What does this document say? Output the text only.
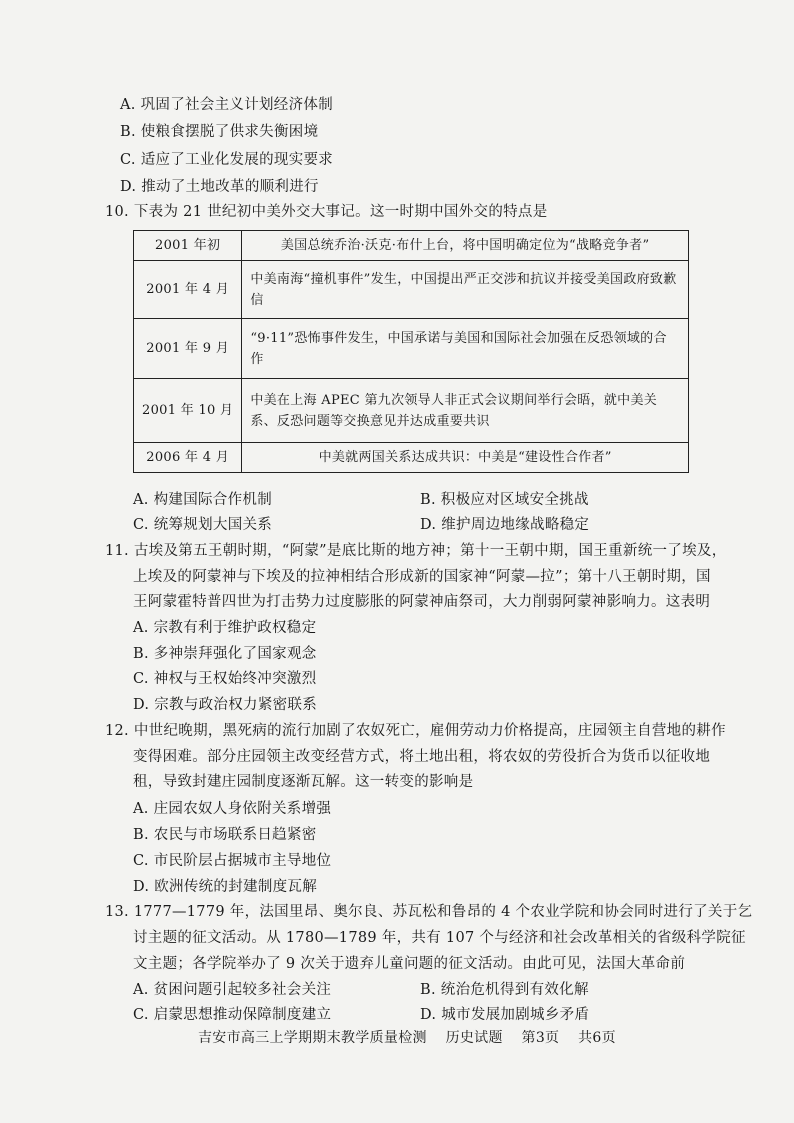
A. 巩固了社会主义计划经济体制
B. 使粮食摆脱了供求失衡困境
C. 适应了工业化发展的现实要求
D. 推动了土地改革的顺利进行
10. 下表为 21 世纪初中美外交大事记。这一时期中国外交的特点是
2001 年初	美国总统乔治·沃克·布什上台，将中国明确定位为“战略竞争者”
2001 年 4 月	中美南海“撞机事件”发生，中国提出严正交涉和抗议并接受美国政府致歉信
2001 年 9 月	“9·11”恐怖事件发生，中国承诺与美国和国际社会加强在反恐领域的合作
2001 年 10 月	中美在上海 APEC 第九次领导人非正式会议期间举行会晤，就中美关系、反恐问题等交换意见并达成重要共识
2006 年 4 月	中美就两国关系达成共识：中美是“建设性合作者”
A. 构建国际合作机制	B. 积极应对区域安全挑战
C. 统筹规划大国关系	D. 维护周边地缘战略稳定
11. 古埃及第五王朝时期，“阿蒙”是底比斯的地方神；第十一王朝中期，国王重新统一了埃及，
上埃及的阿蒙神与下埃及的拉神相结合形成新的国家神“阿蒙—拉”；第十八王朝时期，国
王阿蒙霍特普四世为打击势力过度膨胀的阿蒙神庙祭司，大力削弱阿蒙神影响力。这表明
A. 宗教有利于维护政权稳定
B. 多神崇拜强化了国家观念
C. 神权与王权始终冲突激烈
D. 宗教与政治权力紧密联系
12. 中世纪晚期，黑死病的流行加剧了农奴死亡，雇佣劳动力价格提高，庄园领主自营地的耕作
变得困难。部分庄园领主改变经营方式，将土地出租，将农奴的劳役折合为货币以征收地
租，导致封建庄园制度逐渐瓦解。这一转变的影响是
A. 庄园农奴人身依附关系增强
B. 农民与市场联系日趋紧密
C. 市民阶层占据城市主导地位
D. 欧洲传统的封建制度瓦解
13. 1777—1779 年，法国里昂、奥尔良、苏瓦松和鲁昂的 4 个农业学院和协会同时进行了关于乞
讨主题的征文活动。从 1780—1789 年，共有 107 个与经济和社会改革相关的省级科学院征
文主题；各学院举办了 9 次关于遗弃儿童问题的征文活动。由此可见，法国大革命前
A. 贫困问题引起较多社会关注	B. 统治危机得到有效化解
C. 启蒙思想推动保障制度建立	D. 城市发展加剧城乡矛盾
吉安市高三上学期期末教学质量检测 历史试题 第3页 共6页
